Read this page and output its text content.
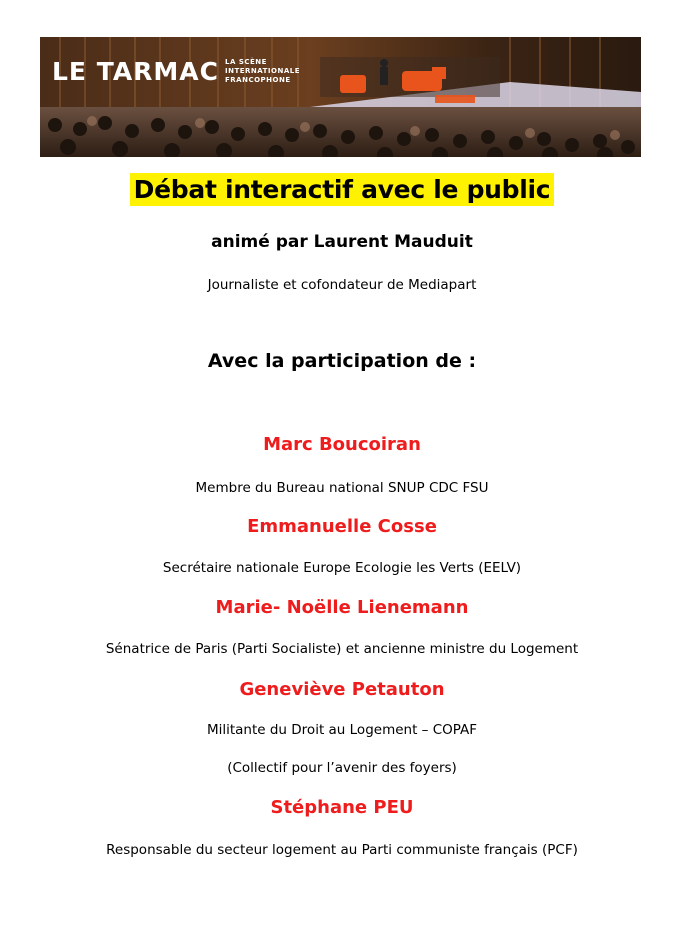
LE TARMAC LA SCÈNE
INTERNATIONALE
FRANCOPHONE
Débat interactif avec le public
animé par Laurent Mauduit
Journaliste et cofondateur de Mediapart
Avec la participation de :
Marc Boucoiran
Membre du Bureau national SNUP CDC FSU
Emmanuelle Cosse
Secrétaire nationale Europe Ecologie les Verts (EELV)
Marie- Noëlle Lienemann
Sénatrice de Paris (Parti Socialiste) et ancienne ministre du Logement
Geneviève Petauton
Militante du Droit au Logement – COPAF
(Collectif pour l’avenir des foyers)
Stéphane PEU
Responsable du secteur logement au Parti communiste français (PCF)
